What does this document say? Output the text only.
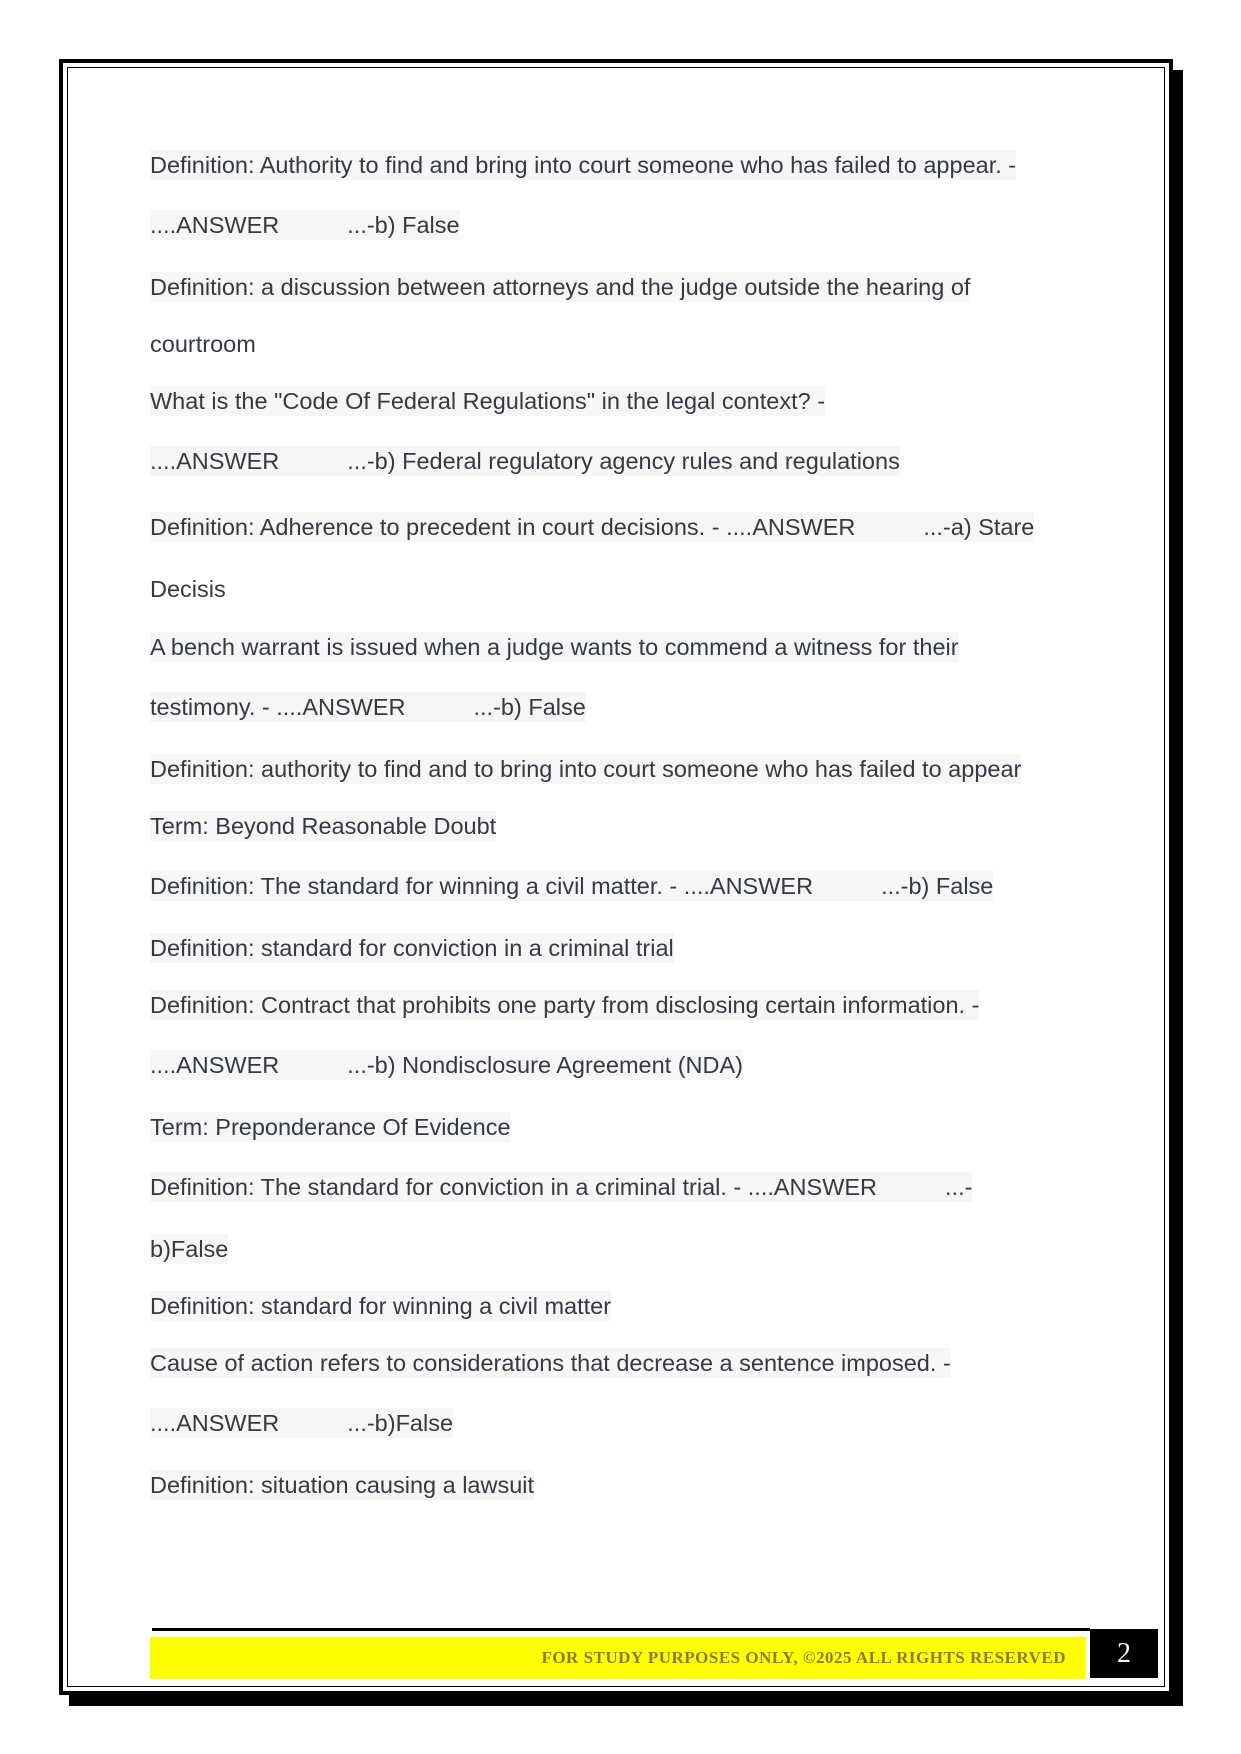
Definition: Authority to find and bring into court someone who has failed to appear. -
....ANSWER	...-b) False
Definition: a discussion between attorneys and the judge outside the hearing of
courtroom
What is the "Code Of Federal Regulations" in the legal context? -
....ANSWER	...-b) Federal regulatory agency rules and regulations
Definition: Adherence to precedent in court decisions. - ....ANSWER	...-a) Stare
Decisis
A bench warrant is issued when a judge wants to commend a witness for their
testimony. - ....ANSWER	...-b) False
Definition: authority to find and to bring into court someone who has failed to appear
Term: Beyond Reasonable Doubt
Definition: The standard for winning a civil matter. - ....ANSWER	...-b) False
Definition: standard for conviction in a criminal trial
Definition: Contract that prohibits one party from disclosing certain information. -
....ANSWER	...-b) Nondisclosure Agreement (NDA)
Term: Preponderance Of Evidence
Definition: The standard for conviction in a criminal trial. - ....ANSWER	...-
b)False
Definition: standard for winning a civil matter
Cause of action refers to considerations that decrease a sentence imposed. -
....ANSWER	...-b)False
Definition: situation causing a lawsuit
FOR STUDY PURPOSES ONLY, ©2025 ALL RIGHTS RESERVED	2
